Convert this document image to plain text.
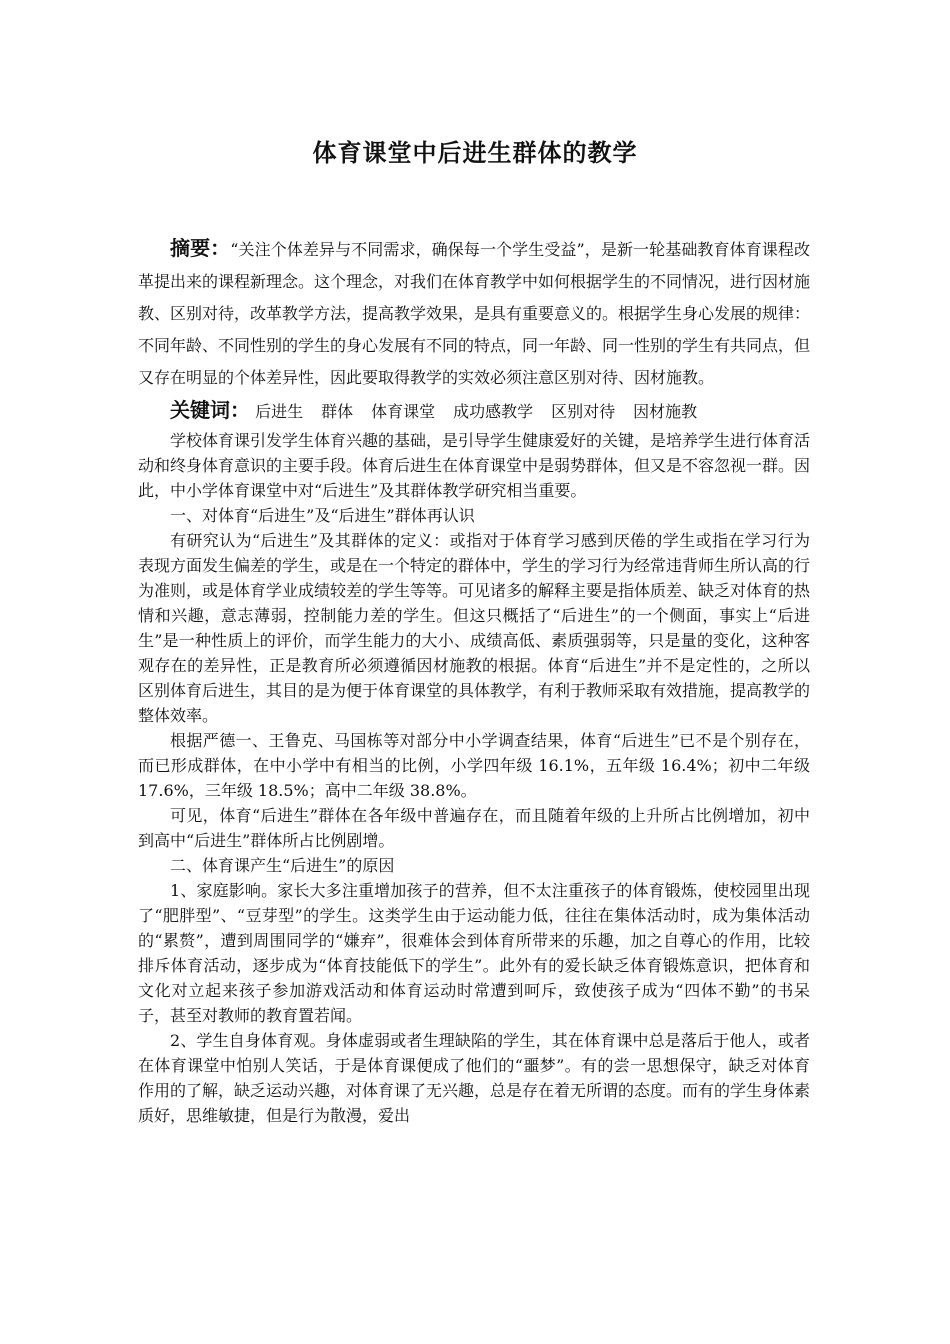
体育课堂中后进生群体的教学

摘要：“关注个体差异与不同需求，确保每一个学生受益”，是新一轮基础教育体育课程改革提出来的课程新理念。这个理念，对我们在体育教学中如何根据学生的不同情况，进行因材施教、区别对待，改革教学方法，提高教学效果，是具有重要意义的。根据学生身心发展的规律：不同年龄、不同性别的学生的身心发展有不同的特点，同一年龄、同一性别的学生有共同点，但又存在明显的个体差异性，因此要取得教学的实效必须注意区别对待、因材施教。

关键词： 后进生 群体 体育课堂 成功感教学 区别对待 因材施教

学校体育课引发学生体育兴趣的基础，是引导学生健康爱好的关键，是培养学生进行体育活动和终身体育意识的主要手段。体育后进生在体育课堂中是弱势群体，但又是不容忽视一群。因此，中小学体育课堂中对“后进生”及其群体教学研究相当重要。

一、对体育“后进生”及“后进生”群体再认识

有研究认为“后进生”及其群体的定义：或指对于体育学习感到厌倦的学生或指在学习行为表现方面发生偏差的学生，或是在一个特定的群体中，学生的学习行为经常违背师生所认高的行为准则，或是体育学业成绩较差的学生等等。可见诸多的解释主要是指体质差、缺乏对体育的热情和兴趣，意志薄弱，控制能力差的学生。但这只概括了“后进生”的一个侧面，事实上“后进生”是一种性质上的评价，而学生能力的大小、成绩高低、素质强弱等，只是量的变化，这种客观存在的差异性，正是教育所必须遵循因材施教的根据。体育“后进生”并不是定性的，之所以区别体育后进生，其目的是为便于体育课堂的具体教学，有利于教师采取有效措施，提高教学的整体效率。

根据严德一、王鲁克、马国栋等对部分中小学调查结果，体育“后进生”已不是个别存在，而已形成群体，在中小学中有相当的比例，小学四年级 16.1%，五年级 16.4%；初中二年级 17.6%，三年级 18.5%；高中二年级 38.8%。

可见，体育“后进生”群体在各年级中普遍存在，而且随着年级的上升所占比例增加，初中到高中“后进生”群体所占比例剧增。

二、体育课产生“后进生”的原因

1、家庭影响。家长大多注重增加孩子的营养，但不太注重孩子的体育锻炼，使校园里出现了“肥胖型”、“豆芽型”的学生。这类学生由于运动能力低，往往在集体活动时，成为集体活动的“累赘”，遭到周围同学的“嫌弃”，很难体会到体育所带来的乐趣，加之自尊心的作用，比较排斥体育活动，逐步成为“体育技能低下的学生”。此外有的爱长缺乏体育锻炼意识，把体育和文化对立起来孩子参加游戏活动和体育运动时常遭到呵斥，致使孩子成为“四体不勤”的书呆子，甚至对教师的教育置若闻。

2、学生自身体育观。身体虚弱或者生理缺陷的学生，其在体育课中总是落后于他人，或者在体育课堂中怕别人笑话，于是体育课便成了他们的“噩梦”。有的尝一思想保守，缺乏对体育作用的了解，缺乏运动兴趣，对体育课了无兴趣，总是存在着无所谓的态度。而有的学生身体素质好，思维敏捷，但是行为散漫，爱出
